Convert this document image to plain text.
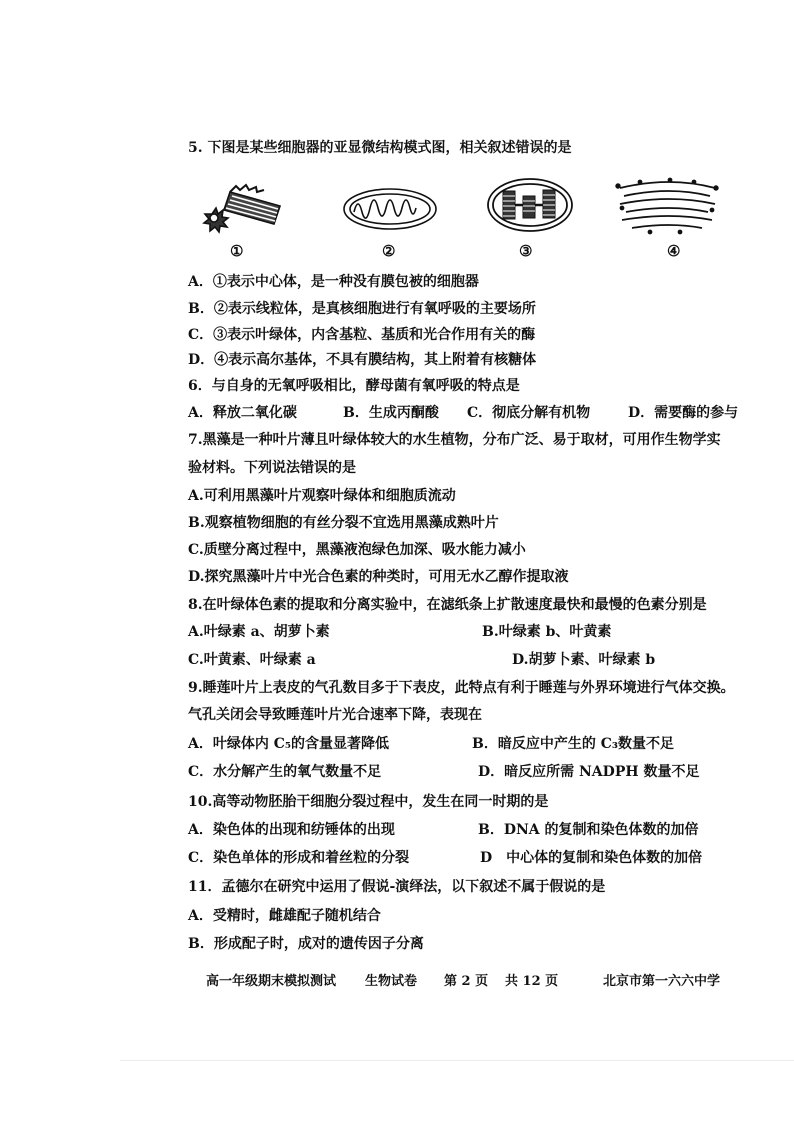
5. 下图是某些细胞器的亚显微结构模式图，相关叙述错误的是
①	②	③	④
A．①表示中心体，是一种没有膜包被的细胞器
B．②表示线粒体，是真核细胞进行有氧呼吸的主要场所
C．③表示叶绿体，内含基粒、基质和光合作用有关的酶
D．④表示高尔基体，不具有膜结构，其上附着有核糖体
6．与自身的无氧呼吸相比，酵母菌有氧呼吸的特点是
A．释放二氧化碳	B．生成丙酮酸 C．彻底分解有机物	D．需要酶的参与
7.黑藻是一种叶片薄且叶绿体较大的水生植物，分布广泛、易于取材，可用作生物学实
验材料。下列说法错误的是
A.可利用黑藻叶片观察叶绿体和细胞质流动
B.观察植物细胞的有丝分裂不宜选用黑藻成熟叶片
C.质壁分离过程中，黑藻液泡绿色加深、吸水能力减小
D.探究黑藻叶片中光合色素的种类时，可用无水乙醇作提取液
8.在叶绿体色素的提取和分离实验中，在滤纸条上扩散速度最快和最慢的色素分别是
A.叶绿素 a、胡萝卜素	B.叶绿素 b、叶黄素
C.叶黄素、叶绿素 a	D.胡萝卜素、叶绿素 b
9.睡莲叶片上表皮的气孔数目多于下表皮，此特点有利于睡莲与外界环境进行气体交换。
气孔关闭会导致睡莲叶片光合速率下降，表现在
A．叶绿体内 C₅的含量显著降低	B．暗反应中产生的 C₃数量不足
C．水分解产生的氧气数量不足	D．暗反应所需 NADPH 数量不足
10.高等动物胚胎干细胞分裂过程中，发生在同一时期的是
A．染色体的出现和纺锤体的出现	B．DNA 的复制和染色体数的加倍
C．染色单体的形成和着丝粒的分裂	D　中心体的复制和染色体数的加倍
11．孟德尔在研究中运用了假说-演绎法，以下叙述不属于假说的是
A．受精时，雌雄配子随机结合
B．形成配子时，成对的遗传因子分离
高一年级期末模拟测试 生物试卷 第 2 页 共 12 页	北京市第一六六中学
